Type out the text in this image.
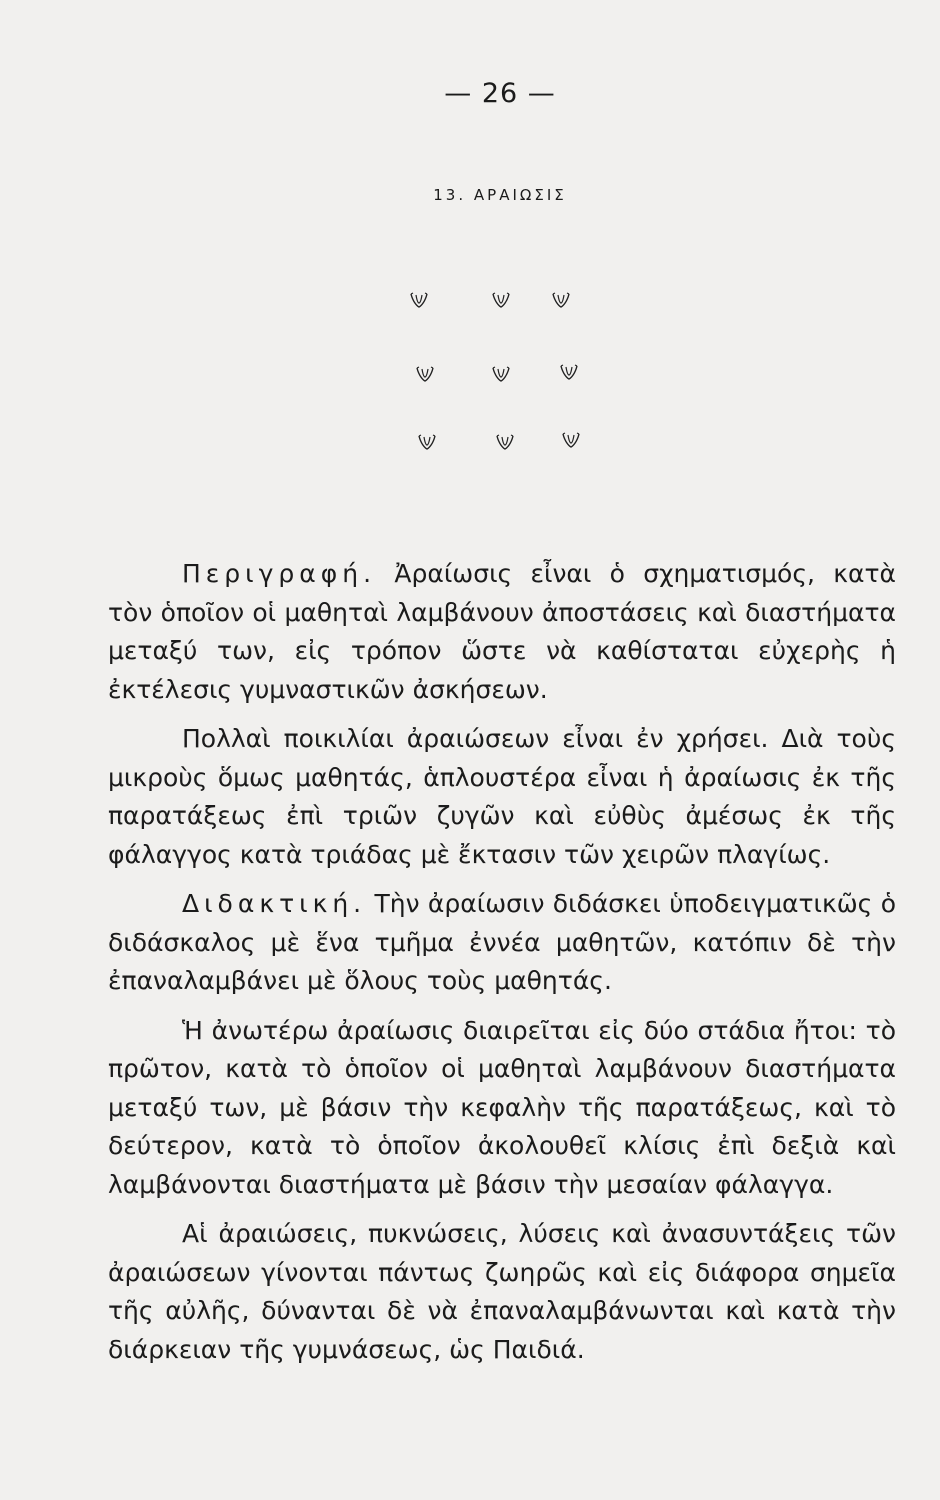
— 26 —
13. ΑΡΑΙΩΣΙΣ

Περιγραφή. Ἀραίωσις εἶναι ὁ σχηματισμός, κατὰ τὸν ὁποῖον οἱ μαθηταὶ λαμβάνουν ἀποστάσεις καὶ διαστήματα μεταξύ των, εἰς τρόπον ὥστε νὰ καθίσταται εὐχερὴς ἡ ἐκτέλεσις γυμναστικῶν ἀσκήσεων.

Πολλαὶ ποικιλίαι ἀραιώσεων εἶναι ἐν χρήσει. Διὰ τοὺς μικροὺς ὅμως μαθητάς, ἁπλουστέρα εἶναι ἡ ἀραίωσις ἐκ τῆς παρατάξεως ἐπὶ τριῶν ζυγῶν καὶ εὐθὺς ἀμέσως ἐκ τῆς φάλαγγος κατὰ τριάδας μὲ ἔκτασιν τῶν χειρῶν πλαγίως.

Διδακτική. Τὴν ἀραίωσιν διδάσκει ὑποδειγματικῶς ὁ διδάσκαλος μὲ ἕνα τμῆμα ἐννέα μαθητῶν, κατόπιν δὲ τὴν ἐπαναλαμβάνει μὲ ὅλους τοὺς μαθητάς.

Ἡ ἀνωτέρω ἀραίωσις διαιρεῖται εἰς δύο στάδια ἤτοι: τὸ πρῶτον, κατὰ τὸ ὁποῖον οἱ μαθηταὶ λαμβάνουν διαστήματα μεταξύ των, μὲ βάσιν τὴν κεφαλὴν τῆς παρατάξεως, καὶ τὸ δεύτερον, κατὰ τὸ ὁποῖον ἀκολουθεῖ κλίσις ἐπὶ δεξιὰ καὶ λαμβάνονται διαστήματα μὲ βάσιν τὴν μεσαίαν φάλαγγα.

Αἱ ἀραιώσεις, πυκνώσεις, λύσεις καὶ ἀνασυντάξεις τῶν ἀραιώσεων γίνονται πάντως ζωηρῶς καὶ εἰς διάφορα σημεῖα τῆς αὐλῆς, δύνανται δὲ νὰ ἐπαναλαμβάνωνται καὶ κατὰ τὴν διάρκειαν τῆς γυμνάσεως, ὡς Παιδιά.
